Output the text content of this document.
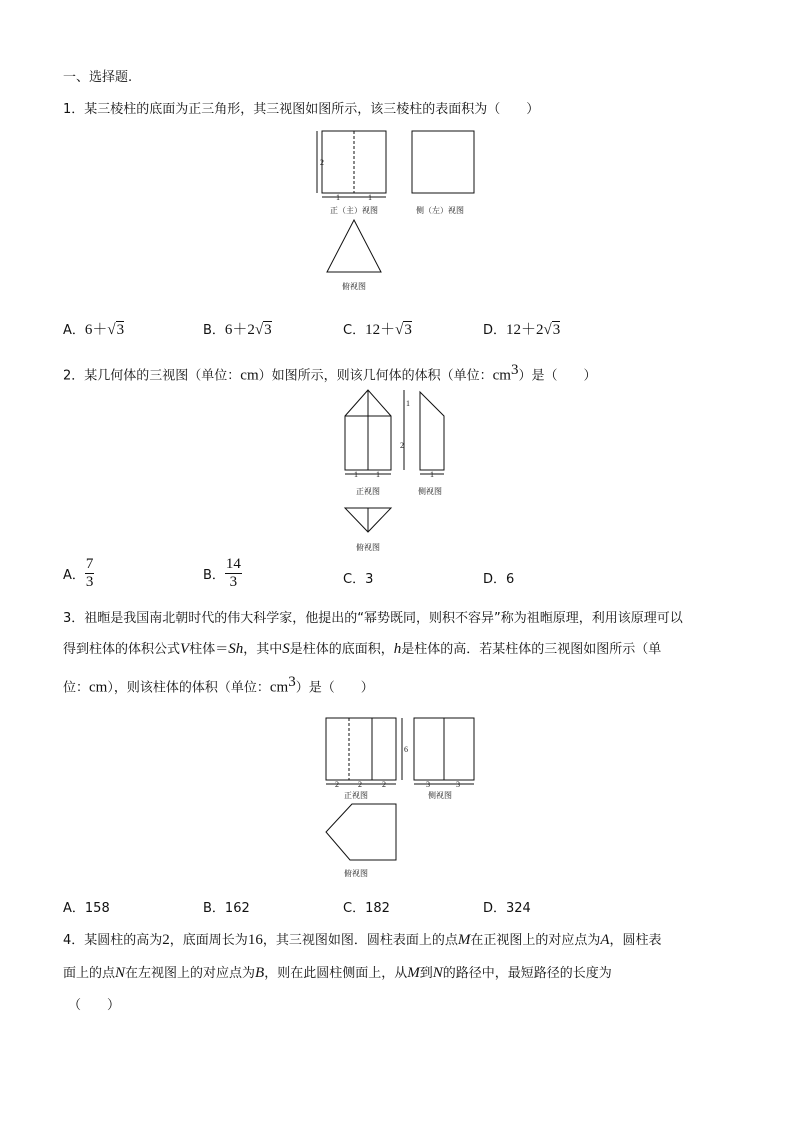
一、选择题.
1．某三棱柱的底面为正三角形，其三视图如图所示，该三棱柱的表面积为（　　）
2
1	1
正（主）视图	侧（左）视图
俯视图
A．6＋√3	B．6＋2√3	C．12＋√3	D．12＋2√3
2．某几何体的三视图（单位：cm）如图所示，则该几何体的体积（单位：$cm^3$）是（　　）
1
2
1 1
正视图
1
侧视图
俯视图
A． $\frac{7}{3}$	B． $\frac{14}{3}$	C．3	D．6
3．祖暅是我国南北朝时代的伟大科学家，他提出的“幂势既同，则积不容异”称为祖暅原理，利用该原理可以
得到柱体的体积公式V柱体＝Sh，其中S是柱体的底面积，h是柱体的高．若某柱体的三视图如图所示（单
位：cm），则该柱体的体积（单位：$cm^3$）是（　　）
6
2 2	2
正视图
3	3
侧视图
俯视图
A．158	B．162	C．182	D．324
4．某圆柱的高为2，底面周长为16，其三视图如图．圆柱表面上的点M在正视图上的对应点为A，圆柱表
面上的点N在左视图上的对应点为B，则在此圆柱侧面上，从M到N的路径中，最短路径的长度为
（　　）
